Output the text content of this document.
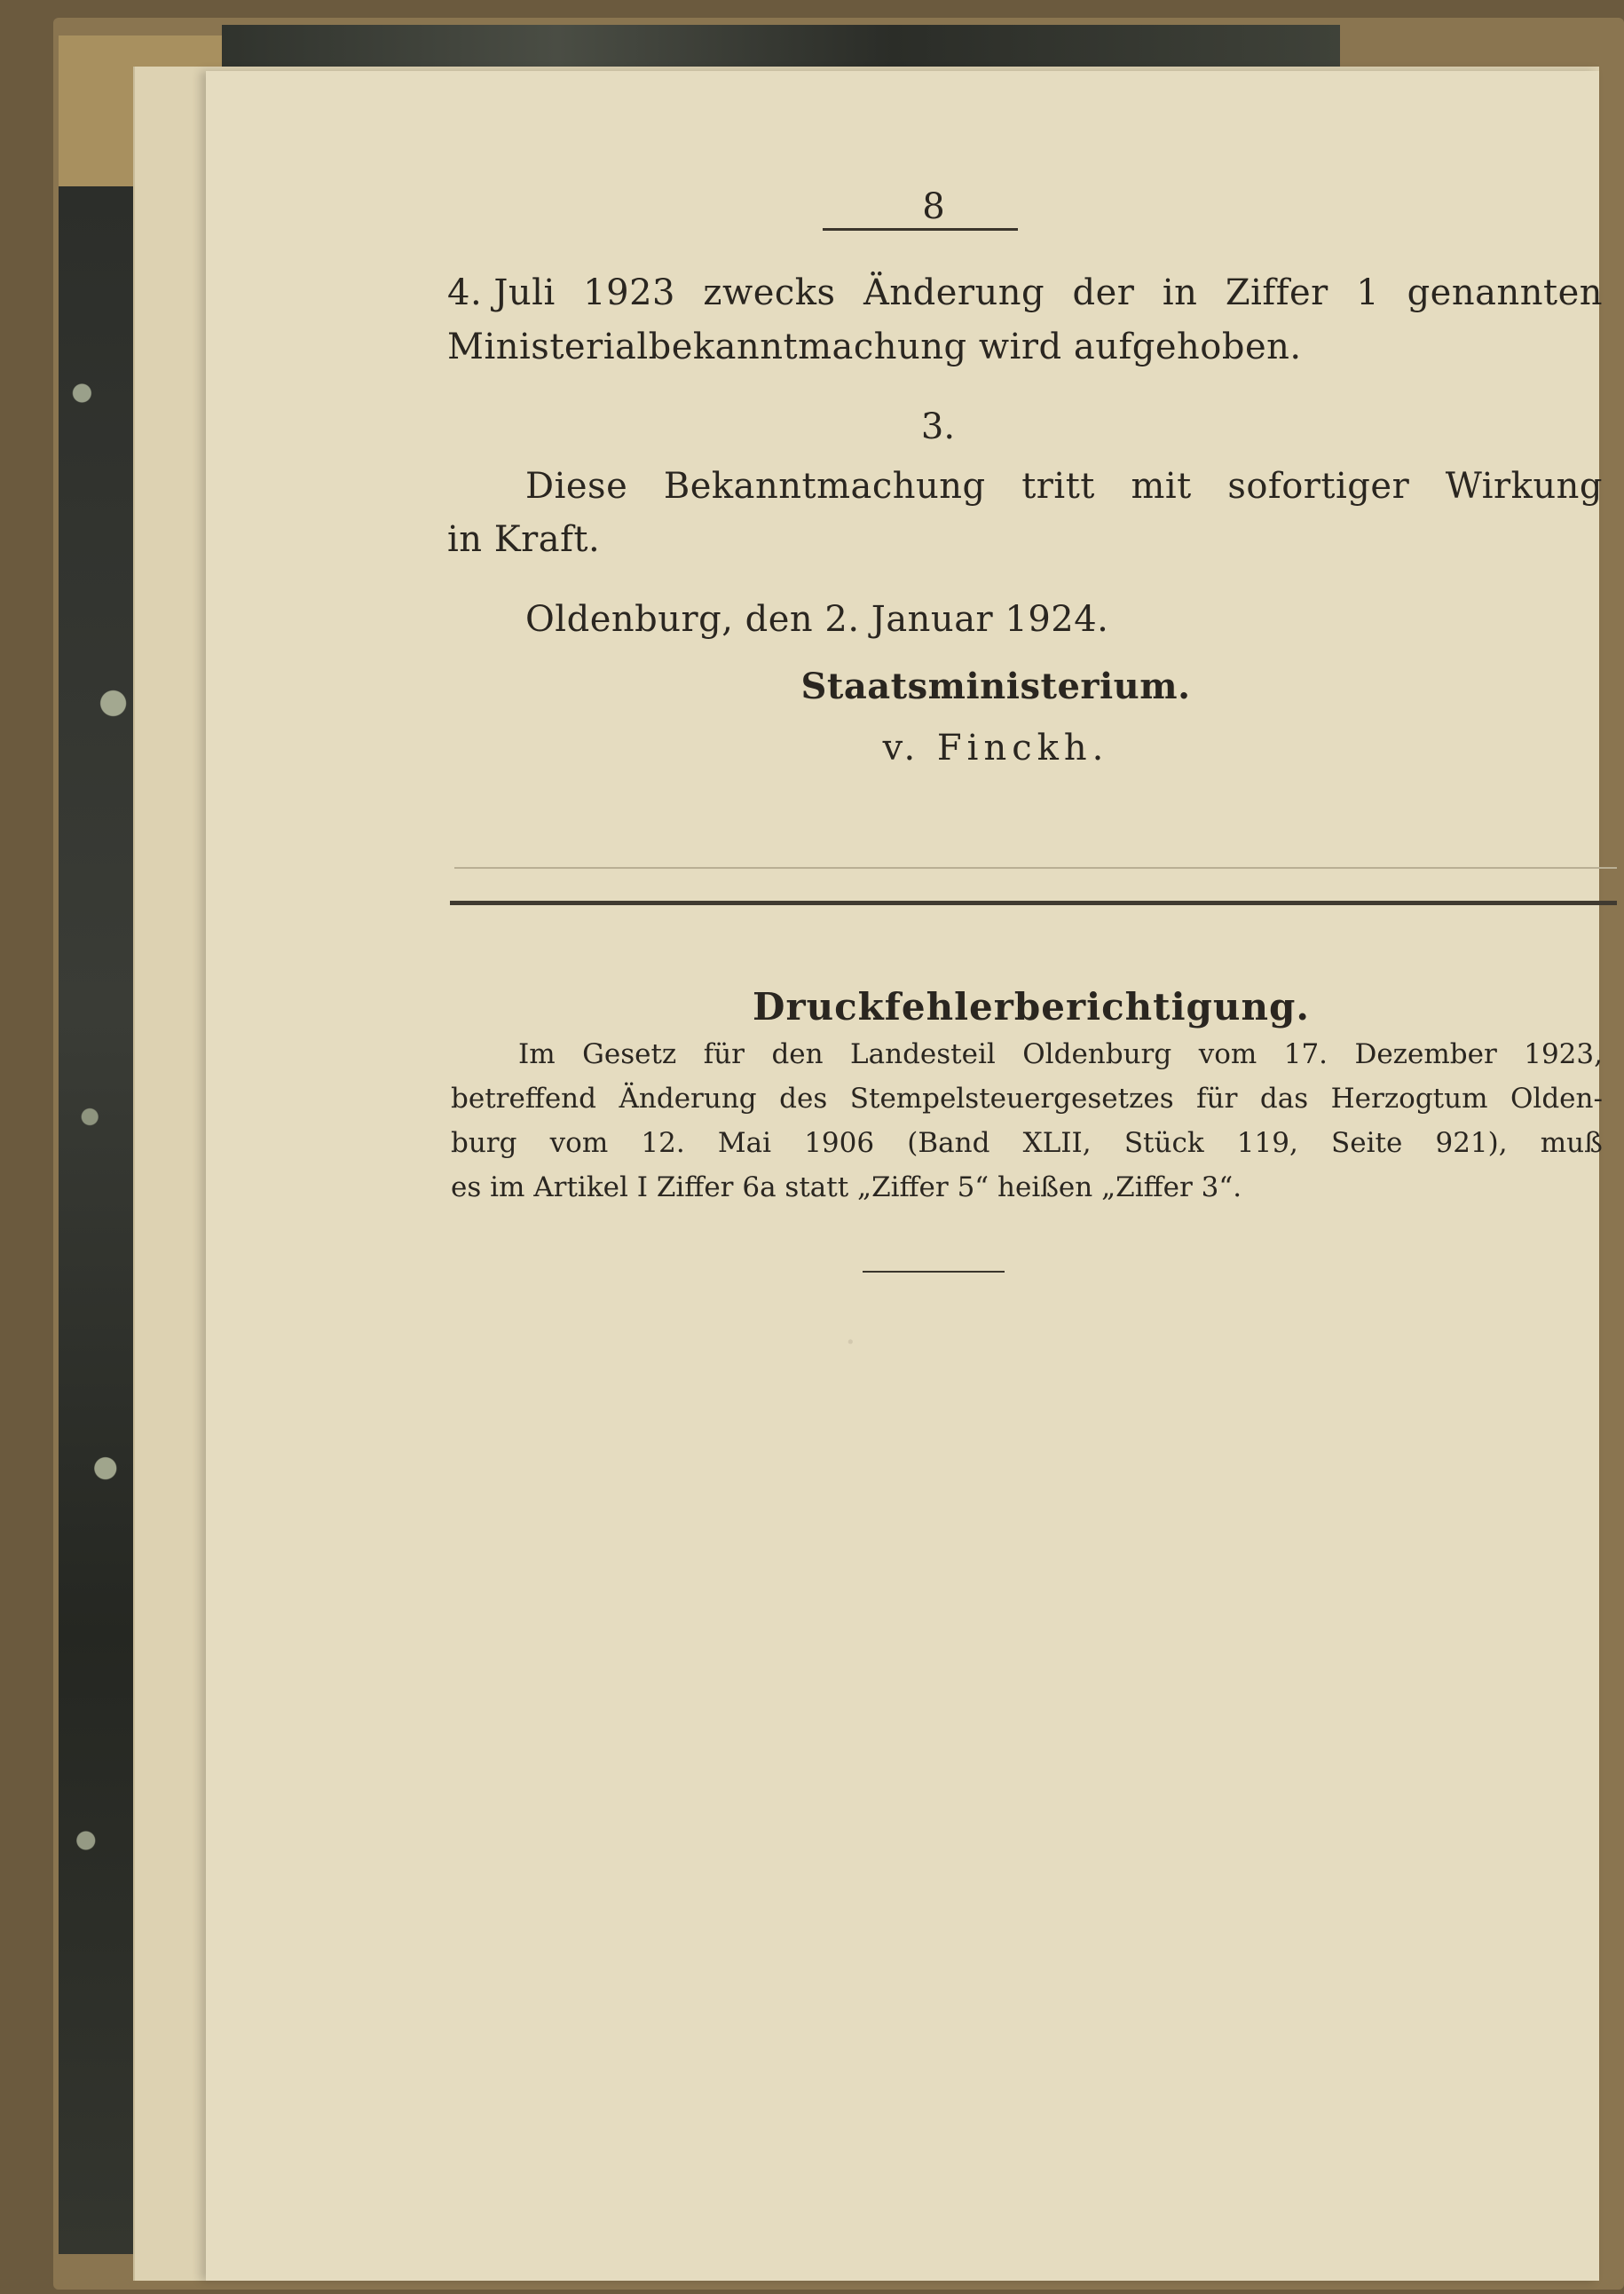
·
8
4. Juli 1923 zwecks Änderung der in Ziffer 1 genannten
Ministerialbekanntmachung wird aufgehoben.
3.
Diese Bekanntmachung tritt mit sofortiger Wirkung
in Kraft.
Oldenburg, den 2. Januar 1924.
Staatsministerium.
v. Finckh.
Druckfehlerberichtigung.
Im Gesetz für den Landesteil Oldenburg vom 17. Dezember 1923,
betreffend Änderung des Stempelsteuergesetzes für das Herzogtum Olden-
burg vom 12. Mai 1906 (Band XLII, Stück 119, Seite 921), muß
es im Artikel I Ziffer 6a statt „Ziffer 5“ heißen „Ziffer 3“.
